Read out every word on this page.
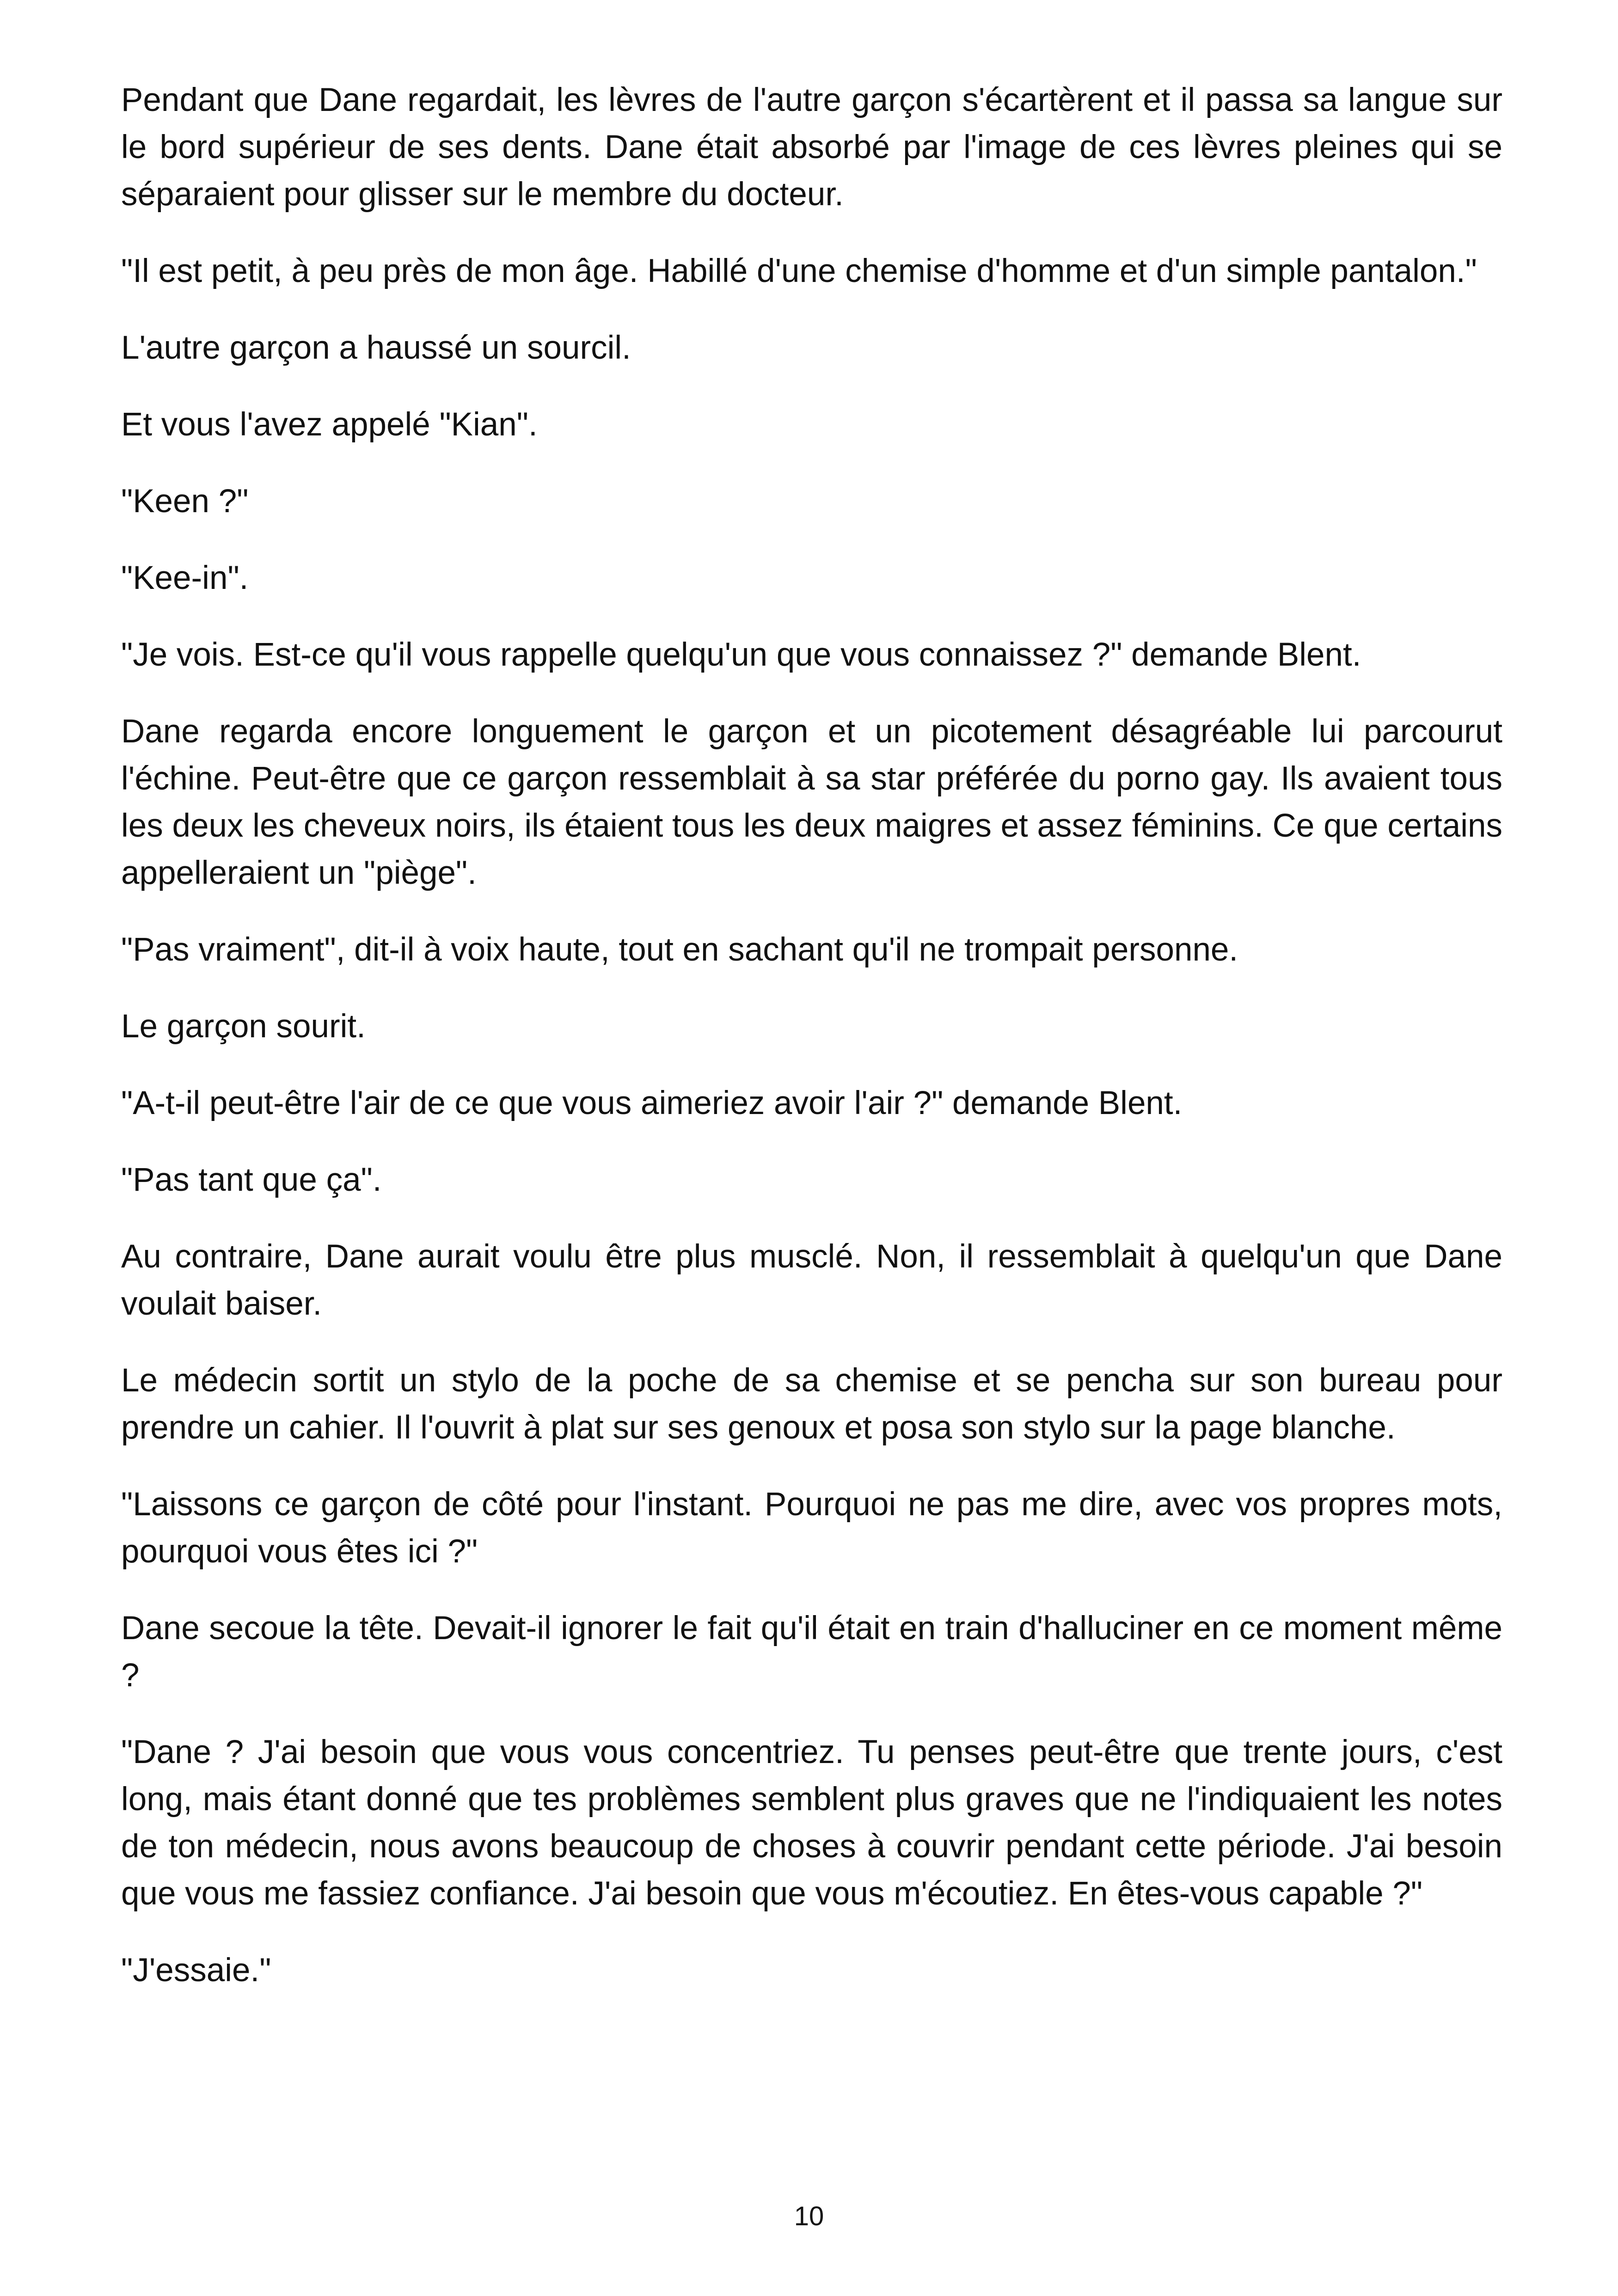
Pendant que Dane regardait, les lèvres de l'autre garçon s'écartèrent et il passa sa langue sur le bord supérieur de ses dents. Dane était absorbé par l'image de ces lèvres pleines qui se séparaient pour glisser sur le membre du docteur.

"Il est petit, à peu près de mon âge. Habillé d'une chemise d'homme et d'un simple pantalon."

L'autre garçon a haussé un sourcil.

Et vous l'avez appelé "Kian".

"Keen ?"

"Kee-in".

"Je vois. Est-ce qu'il vous rappelle quelqu'un que vous connaissez ?" demande Blent.

Dane regarda encore longuement le garçon et un picotement désagréable lui parcourut l'échine. Peut-être que ce garçon ressemblait à sa star préférée du porno gay. Ils avaient tous les deux les cheveux noirs, ils étaient tous les deux maigres et assez féminins. Ce que certains appelleraient un "piège".

"Pas vraiment", dit-il à voix haute, tout en sachant qu'il ne trompait personne.

Le garçon sourit.

"A-t-il peut-être l'air de ce que vous aimeriez avoir l'air ?" demande Blent.

"Pas tant que ça".

Au contraire, Dane aurait voulu être plus musclé. Non, il ressemblait à quelqu'un que Dane voulait baiser.

Le médecin sortit un stylo de la poche de sa chemise et se pencha sur son bureau pour prendre un cahier. Il l'ouvrit à plat sur ses genoux et posa son stylo sur la page blanche.

"Laissons ce garçon de côté pour l'instant. Pourquoi ne pas me dire, avec vos propres mots, pourquoi vous êtes ici ?"

Dane secoue la tête. Devait-il ignorer le fait qu'il était en train d'halluciner en ce moment même ?

"Dane ? J'ai besoin que vous vous concentriez. Tu penses peut-être que trente jours, c'est long, mais étant donné que tes problèmes semblent plus graves que ne l'indiquaient les notes de ton médecin, nous avons beaucoup de choses à couvrir pendant cette période. J'ai besoin que vous me fassiez confiance. J'ai besoin que vous m'écoutiez. En êtes-vous capable ?"

"J'essaie."

10
